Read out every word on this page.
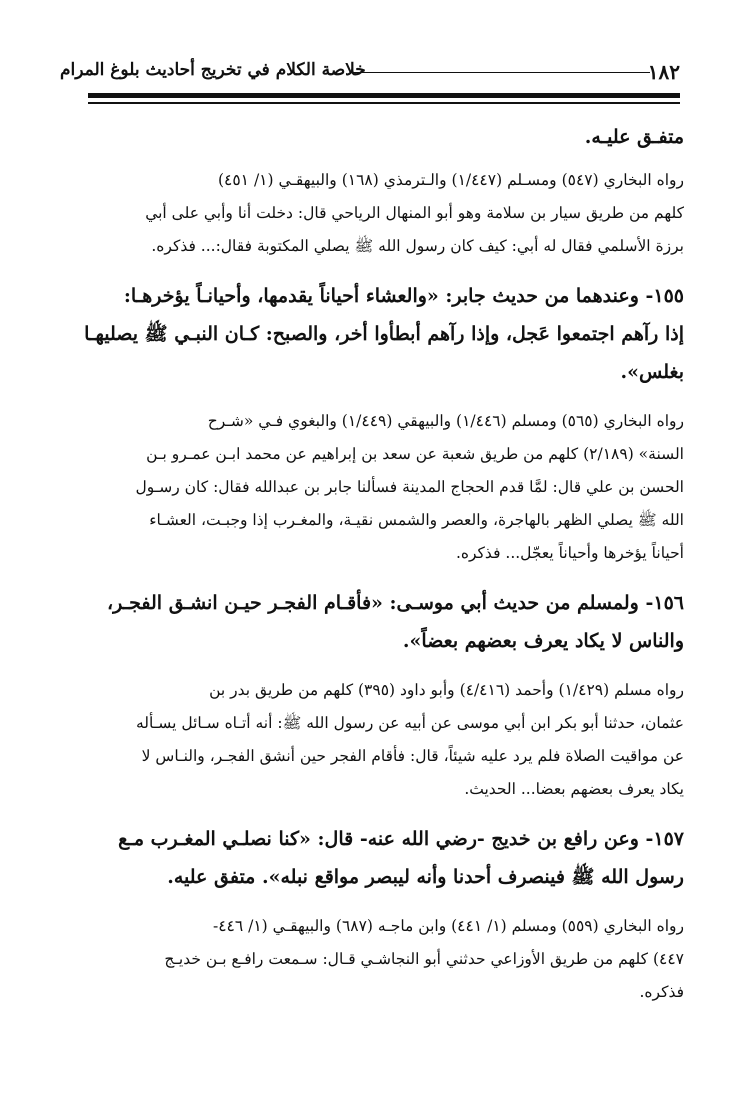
١٨٢
خلاصة الكلام في تخريج أحاديث بلوغ المرام
متفـق عليـه.
رواه البخاري (٥٤٧) ومسـلم (١/٤٤٧) والـترمذي (١٦٨) والبيهقـي (١/ ٤٥١)
كلهم من طريق سيار بن سلامة وهو أبو المنهال الرياحي قال: دخلت أنا وأبي على أبي
برزة الأسلمي فقال له أبي: كيف كان رسول الله ﷺ يصلي المكتوبة فقال:... فذكره.
١٥٥- وعندهما من حديث جابر: «والعشاء أحياناً يقدمها، وأحيانـاً يؤخرهـا:
إذا رآهم اجتمعوا عَجل، وإذا رآهم أبطأوا أخر، والصبح: كـان النبـي ﷺ يصليهـا
بغلس».
رواه البخاري (٥٦٥) ومسلم (١/٤٤٦) والبيهقي (١/٤٤٩) والبغوي فـي «شـرح
السنة» (٢/١٨٩) كلهم من طريق شعبة عن سعد بن إبراهيم عن محمد ابـن عمـرو بـن
الحسن بن علي قال: لمَّا قدم الحجاج المدينة فسألنا جابر بن عبدالله فقال: كان رسـول
الله ﷺ يصلي الظهر بالهاجرة، والعصر والشمس نقيـة، والمغـرب إذا وجبـت، العشـاء
أحياناً يؤخرها وأحياناً يعجّل... فذكره.
١٥٦- ولمسلم من حديث أبي موسـى: «فأقـام الفجـر حيـن انشـق الفجـر،
والناس لا يكاد يعرف بعضهم بعضاً».
رواه مسلم (١/٤٢٩) وأحمد (٤/٤١٦) وأبو داود (٣٩٥) كلهم من طريق بدر بن
عثمان، حدثنا أبو بكر ابن أبي موسى عن أبيه عن رسول الله ﷺ: أنه أتـاه سـائل يسـأله
عن مواقيت الصلاة فلم يرد عليه شيئاً، قال: فأقام الفجر حين أنشق الفجـر، والنـاس لا
يكاد يعرف بعضهم بعضا... الحديث.
١٥٧- وعن رافع بن خديج -رضي الله عنه- قال: «كنا نصلـي المغـرب مـع
رسول الله ﷺ فينصرف أحدنا وأنه ليبصر مواقع نبله». متفق عليه.
رواه البخاري (٥٥٩) ومسلم (١/ ٤٤١) وابن ماجـه (٦٨٧) والبيهقـي (١/ ٤٤٦-
٤٤٧) كلهم من طريق الأوزاعي حدثني أبو النجاشـي قـال: سـمعت رافـع بـن خديـج
فذكره.
